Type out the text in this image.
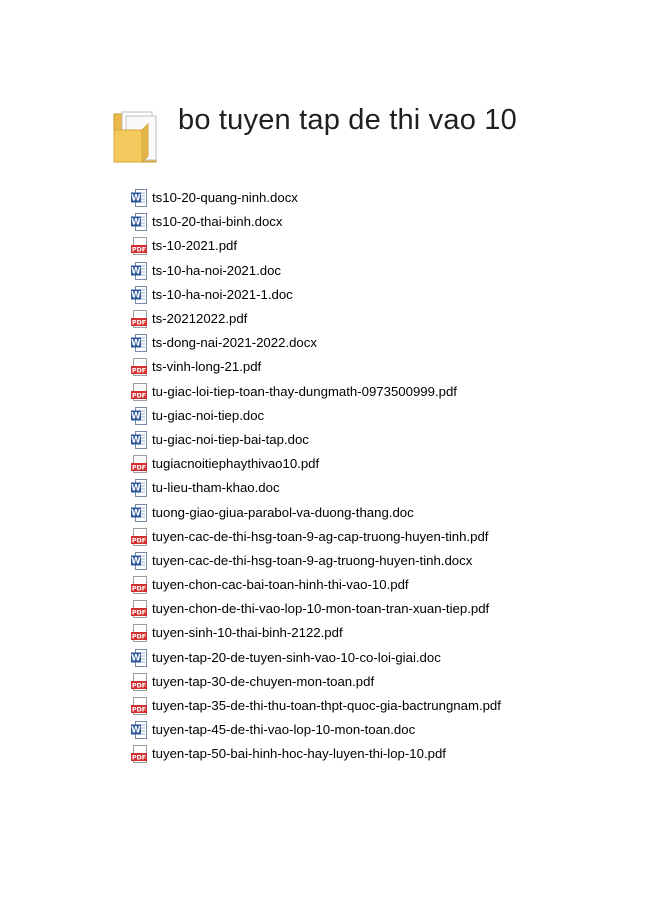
bo tuyen tap de thi vao 10
W ts10-20-quang-ninh.docx
W ts10-20-thai-binh.docx
PDF ts-10-2021.pdf
W ts-10-ha-noi-2021.doc
W ts-10-ha-noi-2021-1.doc
PDF ts-20212022.pdf
W ts-dong-nai-2021-2022.docx
PDF ts-vinh-long-21.pdf
PDF tu-giac-loi-tiep-toan-thay-dungmath-0973500999.pdf
W tu-giac-noi-tiep.doc
W tu-giac-noi-tiep-bai-tap.doc
PDF tugiacnoitiephaythivao10.pdf
W tu-lieu-tham-khao.doc
W tuong-giao-giua-parabol-va-duong-thang.doc
PDF tuyen-cac-de-thi-hsg-toan-9-ag-cap-truong-huyen-tinh.pdf
W tuyen-cac-de-thi-hsg-toan-9-ag-truong-huyen-tinh.docx
PDF tuyen-chon-cac-bai-toan-hinh-thi-vao-10.pdf
PDF tuyen-chon-de-thi-vao-lop-10-mon-toan-tran-xuan-tiep.pdf
PDF tuyen-sinh-10-thai-binh-2122.pdf
W tuyen-tap-20-de-tuyen-sinh-vao-10-co-loi-giai.doc
PDF tuyen-tap-30-de-chuyen-mon-toan.pdf
PDF tuyen-tap-35-de-thi-thu-toan-thpt-quoc-gia-bactrungnam.pdf
W tuyen-tap-45-de-thi-vao-lop-10-mon-toan.doc
PDF tuyen-tap-50-bai-hinh-hoc-hay-luyen-thi-lop-10.pdf
